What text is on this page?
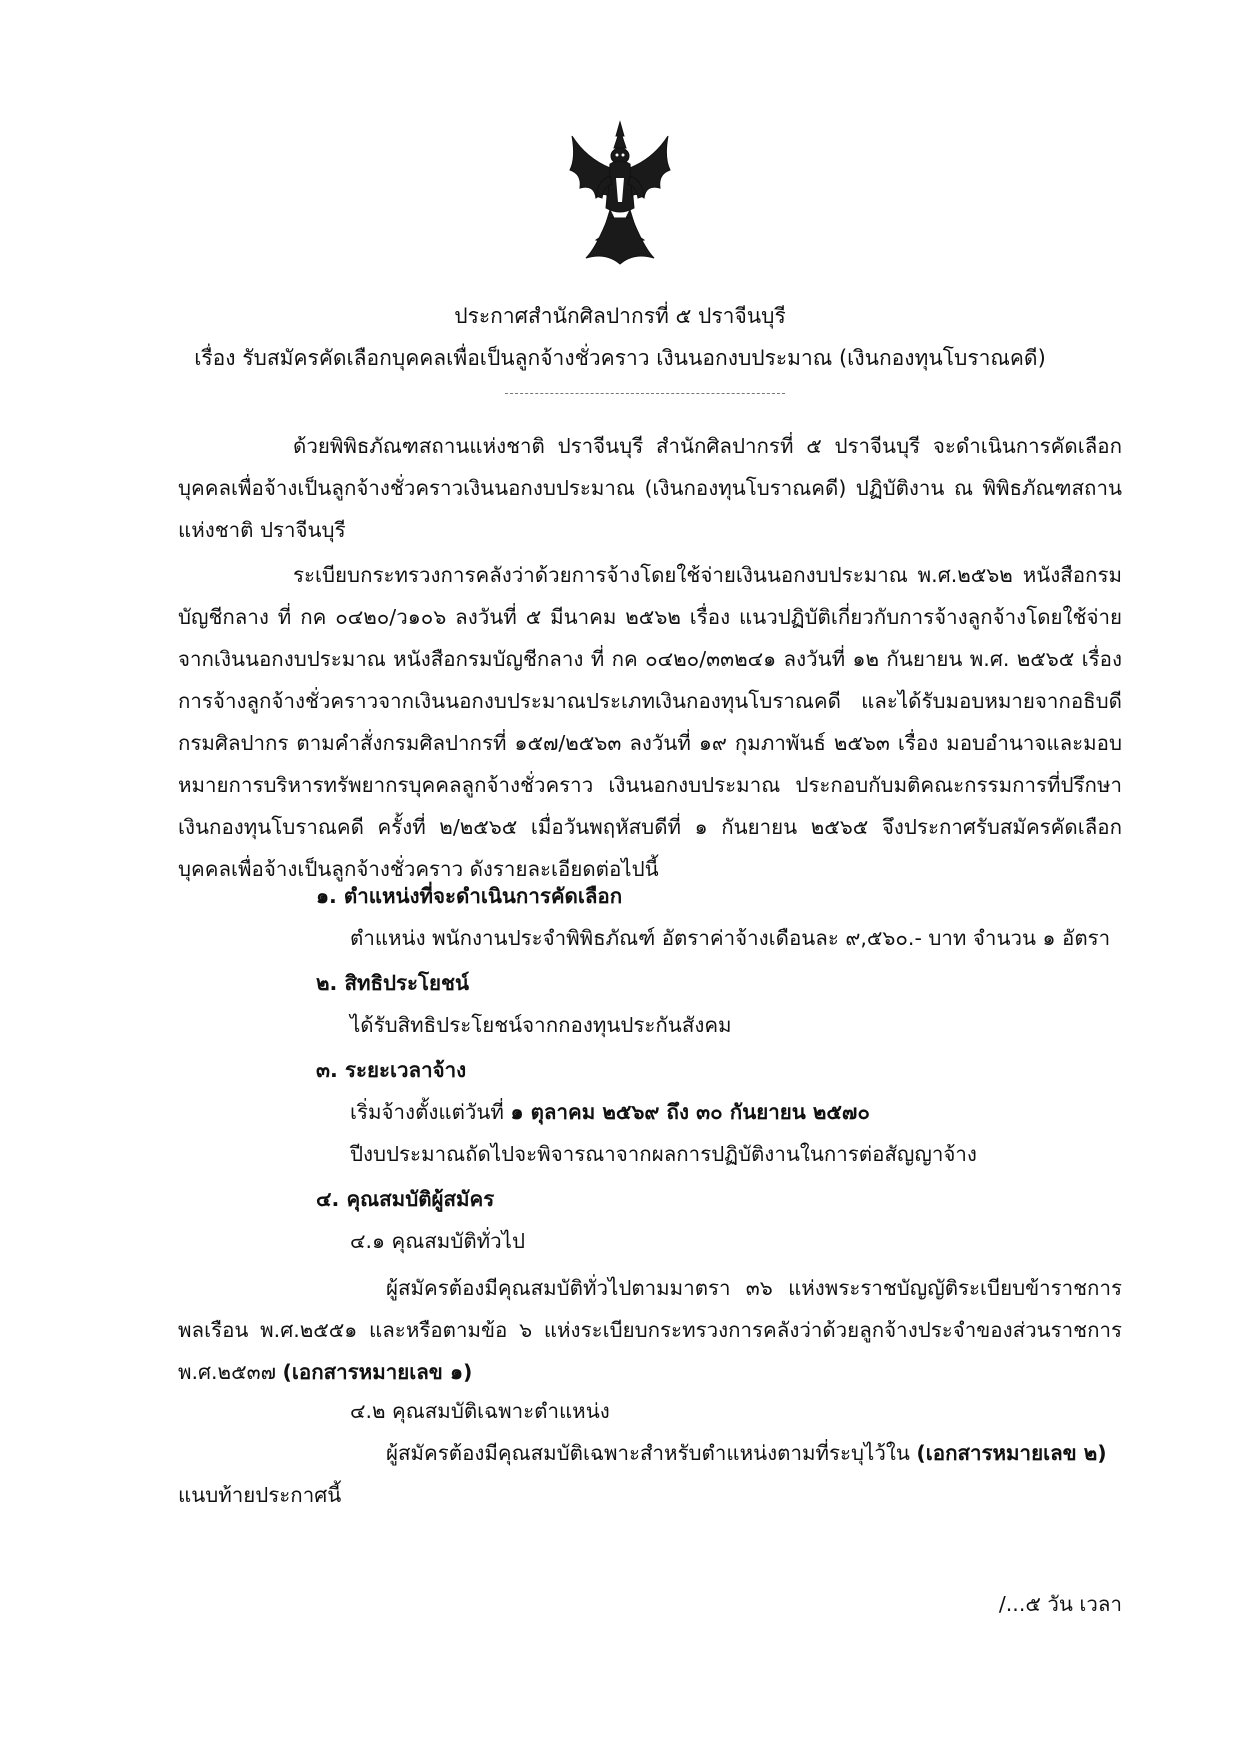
ประกาศสำนักศิลปากรที่ ๕ ปราจีนบุรี
เรื่อง รับสมัครคัดเลือกบุคคลเพื่อเป็นลูกจ้างชั่วคราว เงินนอกงบประมาณ (เงินกองทุนโบราณคดี)
ด้วยพิพิธภัณฑสถานแห่งชาติ ปราจีนบุรี สำนักศิลปากรที่ ๕ ปราจีนบุรี จะดำเนินการคัดเลือกบุคคลเพื่อจ้างเป็นลูกจ้างชั่วคราวเงินนอกงบประมาณ (เงินกองทุนโบราณคดี) ปฏิบัติงาน ณ พิพิธภัณฑสถานแห่งชาติ ปราจีนบุรี
ระเบียบกระทรวงการคลังว่าด้วยการจ้างโดยใช้จ่ายเงินนอกงบประมาณ พ.ศ.๒๕๖๒ หนังสือกรมบัญชีกลาง ที่ กค ๐๔๒๐/ว๑๐๖ ลงวันที่ ๕ มีนาคม ๒๕๖๒ เรื่อง แนวปฏิบัติเกี่ยวกับการจ้างลูกจ้างโดยใช้จ่ายจากเงินนอกงบประมาณ หนังสือกรมบัญชีกลาง ที่ กค ๐๔๒๐/๓๓๒๔๑ ลงวันที่ ๑๒ กันยายน พ.ศ. ๒๕๖๕ เรื่อง การจ้างลูกจ้างชั่วคราวจากเงินนอกงบประมาณประเภทเงินกองทุนโบราณคดี และได้รับมอบหมายจากอธิบดีกรมศิลปากร ตามคำสั่งกรมศิลปากรที่ ๑๕๗/๒๕๖๓ ลงวันที่ ๑๙ กุมภาพันธ์ ๒๕๖๓ เรื่อง มอบอำนาจและมอบหมายการบริหารทรัพยากรบุคคลลูกจ้างชั่วคราว เงินนอกงบประมาณ ประกอบกับมติคณะกรรมการที่ปรึกษาเงินกองทุนโบราณคดี ครั้งที่ ๒/๒๕๖๕ เมื่อวันพฤหัสบดีที่ ๑ กันยายน ๒๕๖๕ จึงประกาศรับสมัครคัดเลือกบุคคลเพื่อจ้างเป็นลูกจ้างชั่วคราว ดังรายละเอียดต่อไปนี้
๑. ตำแหน่งที่จะดำเนินการคัดเลือก
ตำแหน่ง พนักงานประจำพิพิธภัณฑ์ อัตราค่าจ้างเดือนละ ๙,๕๖๐.- บาท จำนวน ๑ อัตรา
๒. สิทธิประโยชน์
ได้รับสิทธิประโยชน์จากกองทุนประกันสังคม
๓. ระยะเวลาจ้าง
เริ่มจ้างตั้งแต่วันที่ ๑ ตุลาคม ๒๕๖๙ ถึง ๓๐ กันยายน ๒๕๗๐
ปีงบประมาณถัดไปจะพิจารณาจากผลการปฏิบัติงานในการต่อสัญญาจ้าง
๔. คุณสมบัติผู้สมัคร
๔.๑ คุณสมบัติทั่วไป
ผู้สมัครต้องมีคุณสมบัติทั่วไปตามมาตรา ๓๖ แห่งพระราชบัญญัติระเบียบข้าราชการพลเรือน พ.ศ.๒๕๕๑ และหรือตามข้อ ๖ แห่งระเบียบกระทรวงการคลังว่าด้วยลูกจ้างประจำของส่วนราชการ พ.ศ.๒๕๓๗ (เอกสารหมายเลข ๑)
๔.๒ คุณสมบัติเฉพาะตำแหน่ง
ผู้สมัครต้องมีคุณสมบัติเฉพาะสำหรับตำแหน่งตามที่ระบุไว้ใน (เอกสารหมายเลข ๒)
แนบท้ายประกาศนี้
/...๕ วัน เวลา
